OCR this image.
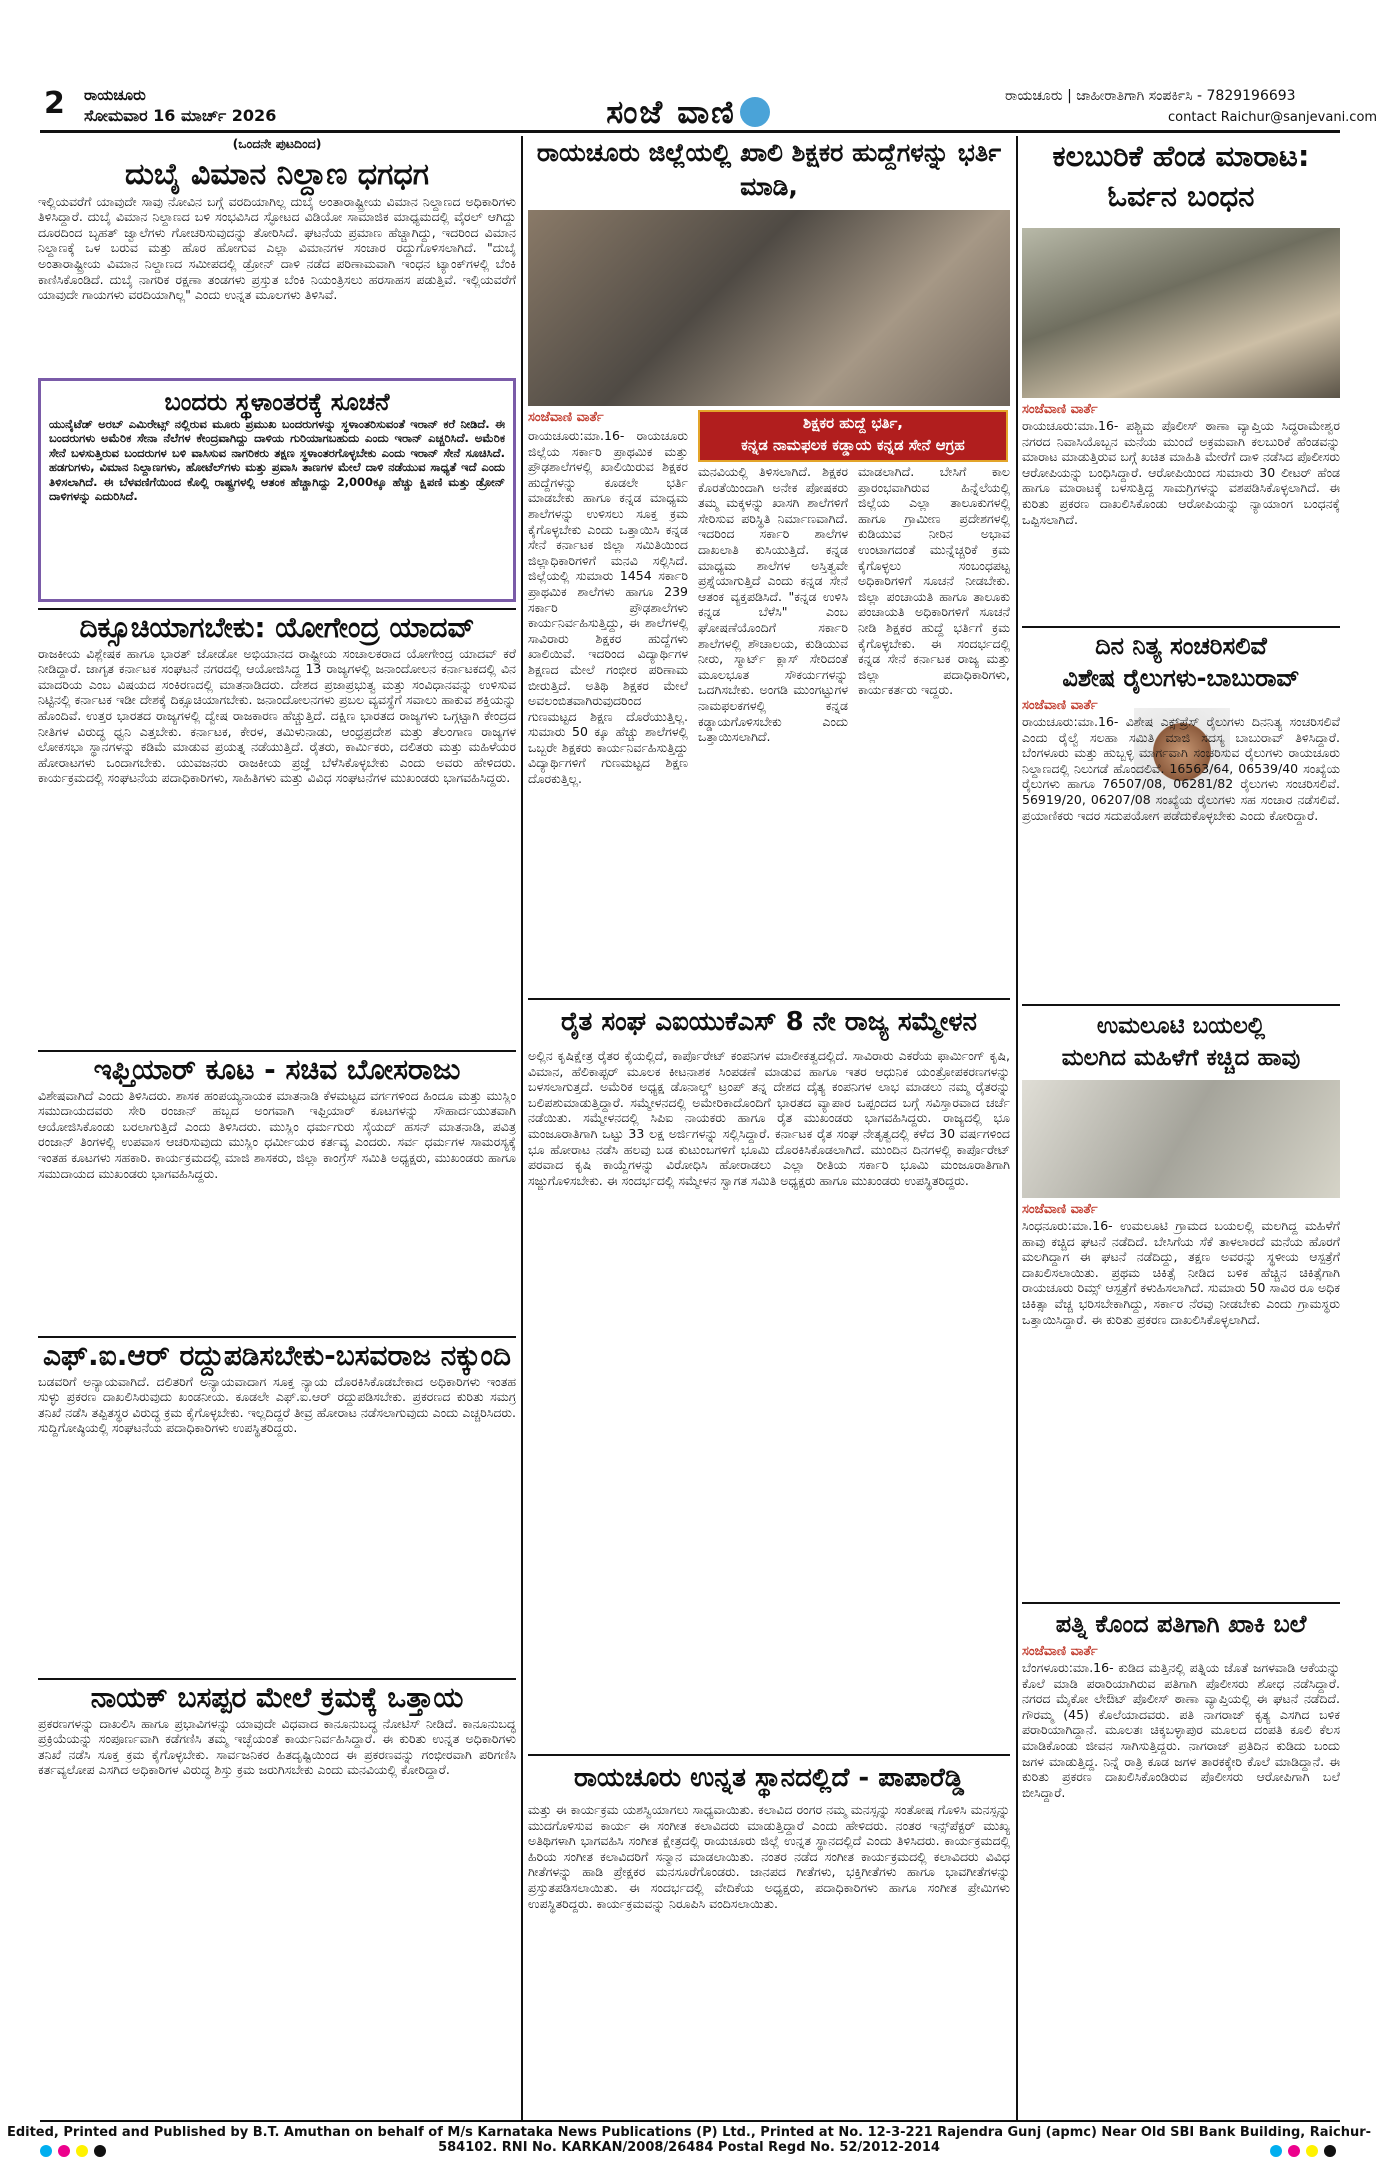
2 ರಾಯಚೂರು
ಸೋಮವಾರ 16 ಮಾರ್ಚ್ 2026	ಸಂಜೆ ವಾಣಿ	ರಾಯಚೂರು | ಜಾಹೀರಾತಿಗಾಗಿ ಸಂಪರ್ಕಿಸಿ - 7829196693
contact Raichur@sanjevani.com
(ಒಂದನೇ ಪುಟದಿಂದ)
ದುಬೈ ವಿಮಾನ ನಿಲ್ದಾಣ ಧಗಧಗ
ಇಲ್ಲಿಯವರೆಗೆ ಯಾವುದೇ ಸಾವು ನೋವಿನ ಬಗ್ಗೆ ವರದಿಯಾಗಿಲ್ಲ ದುಬೈ ಅಂತಾರಾಷ್ಟ್ರೀಯ ವಿಮಾನ ನಿಲ್ದಾಣದ ಅಧಿಕಾರಿಗಳು ತಿಳಿಸಿದ್ದಾರೆ. ದುಬೈ ವಿಮಾನ ನಿಲ್ದಾಣದ ಬಳಿ ಸಂಭವಿಸಿದ ಸ್ಫೋಟದ ವಿಡಿಯೋ ಸಾಮಾಜಿಕ ಮಾಧ್ಯಮದಲ್ಲಿ ವೈರಲ್ ಆಗಿದ್ದು ದೂರದಿಂದ ಬೃಹತ್ ಜ್ವಾಲೆಗಳು ಗೋಚರಿಸುವುದನ್ನು ತೋರಿಸಿದೆ. ಘಟನೆಯ ಪ್ರಮಾಣ ಹೆಚ್ಚಾಗಿದ್ದು, ಇದರಿಂದ ವಿಮಾನ ನಿಲ್ದಾಣಕ್ಕೆ ಒಳ ಬರುವ ಮತ್ತು ಹೊರ ಹೋಗುವ ಎಲ್ಲಾ ವಿಮಾನಗಳ ಸಂಚಾರ ರದ್ದುಗೊಳಿಸಲಾಗಿದೆ. "ದುಬೈ ಅಂತಾರಾಷ್ಟ್ರೀಯ ವಿಮಾನ ನಿಲ್ದಾಣದ ಸಮೀಪದಲ್ಲಿ ಡ್ರೋನ್ ದಾಳಿ ನಡೆದ ಪರಿಣಾಮವಾಗಿ ಇಂಧನ ಟ್ಯಾಂಕ್‌ಗಳಲ್ಲಿ ಬೆಂಕಿ ಕಾಣಿಸಿಕೊಂಡಿದೆ. ದುಬೈ ನಾಗರಿಕ ರಕ್ಷಣಾ ತಂಡಗಳು ಪ್ರಸ್ತುತ ಬೆಂಕಿ ನಿಯಂತ್ರಿಸಲು ಹರಸಾಹಸ ಪಡುತ್ತಿವೆ. ಇಲ್ಲಿಯವರೆಗೆ ಯಾವುದೇ ಗಾಯಗಳು ವರದಿಯಾಗಿಲ್ಲ" ಎಂದು ಉನ್ನತ ಮೂಲಗಳು ತಿಳಿಸಿವೆ.
ಬಂದರು ಸ್ಥಳಾಂತರಕ್ಕೆ ಸೂಚನೆ
ಯುನೈಟೆಡ್ ಅರಬ್ ಎಮಿರೇಟ್ಸ್ ನಲ್ಲಿರುವ ಮೂರು ಪ್ರಮುಖ ಬಂದರುಗಳನ್ನು ಸ್ಥಳಾಂತರಿಸುವಂತೆ ಇರಾನ್ ಕರೆ ನೀಡಿದೆ. ಈ ಬಂದರುಗಳು ಅಮೆರಿಕ ಸೇನಾ ನೆಲೆಗಳ ಕೇಂದ್ರವಾಗಿದ್ದು ದಾಳಿಯ ಗುರಿಯಾಗಬಹುದು ಎಂದು ಇರಾನ್ ಎಚ್ಚರಿಸಿದೆ. ಅಮೆರಿಕ ಸೇನೆ ಬಳಸುತ್ತಿರುವ ಬಂದರುಗಳ ಬಳಿ ವಾಸಿಸುವ ನಾಗರಿಕರು ತಕ್ಷಣ ಸ್ಥಳಾಂತರಗೊಳ್ಳಬೇಕು ಎಂದು ಇರಾನ್ ಸೇನೆ ಸೂಚಿಸಿದೆ. ಹಡಗುಗಳು, ವಿಮಾನ ನಿಲ್ದಾಣಗಳು, ಹೋಟೆಲ್‌ಗಳು ಮತ್ತು ಪ್ರವಾಸಿ ತಾಣಗಳ ಮೇಲೆ ದಾಳಿ ನಡೆಯುವ ಸಾಧ್ಯತೆ ಇದೆ ಎಂದು ತಿಳಿಸಲಾಗಿದೆ. ಈ ಬೆಳವಣಿಗೆಯಿಂದ ಕೊಲ್ಲಿ ರಾಷ್ಟ್ರಗಳಲ್ಲಿ ಆತಂಕ ಹೆಚ್ಚಾಗಿದ್ದು 2,000ಕ್ಕೂ ಹೆಚ್ಚು ಕ್ಷಿಪಣಿ ಮತ್ತು ಡ್ರೋನ್ ದಾಳಿಗಳನ್ನು ಎದುರಿಸಿದೆ.
ದಿಕ್ಸೂಚಿಯಾಗಬೇಕು: ಯೋಗೇಂದ್ರ ಯಾದವ್
ರಾಜಕೀಯ ವಿಶ್ಲೇಷಕ ಹಾಗೂ ಭಾರತ್ ಜೋಡೋ ಅಭಿಯಾನದ ರಾಷ್ಟ್ರೀಯ ಸಂಚಾಲಕರಾದ ಯೋಗೇಂದ್ರ ಯಾದವ್ ಕರೆ ನೀಡಿದ್ದಾರೆ. ಜಾಗೃತ ಕರ್ನಾಟಕ ಸಂಘಟನೆ ನಗರದಲ್ಲಿ ಆಯೋಜಿಸಿದ್ದ 13 ರಾಜ್ಯಗಳಲ್ಲಿ ಜನಾಂದೋಲನ ಕರ್ನಾಟಕದಲ್ಲಿ ವಿನ ಮಾದರಿಯ ಎಂಬ ವಿಷಯದ ಸಂಕಿರಣದಲ್ಲಿ ಮಾತನಾಡಿದರು. ದೇಶದ ಪ್ರಜಾಪ್ರಭುತ್ವ ಮತ್ತು ಸಂವಿಧಾನವನ್ನು ಉಳಿಸುವ ನಿಟ್ಟಿನಲ್ಲಿ ಕರ್ನಾಟಕ ಇಡೀ ದೇಶಕ್ಕೆ ದಿಕ್ಸೂಚಿಯಾಗಬೇಕು. ಜನಾಂದೋಲನಗಳು ಪ್ರಬಲ ವ್ಯವಸ್ಥೆಗೆ ಸವಾಲು ಹಾಕುವ ಶಕ್ತಿಯನ್ನು ಹೊಂದಿವೆ. ಉತ್ತರ ಭಾರತದ ರಾಜ್ಯಗಳಲ್ಲಿ ದ್ವೇಷ ರಾಜಕಾರಣ ಹೆಚ್ಚುತ್ತಿದೆ. ದಕ್ಷಿಣ ಭಾರತದ ರಾಜ್ಯಗಳು ಒಗ್ಗಟ್ಟಾಗಿ ಕೇಂದ್ರದ ನೀತಿಗಳ ವಿರುದ್ಧ ಧ್ವನಿ ಎತ್ತಬೇಕು. ಕರ್ನಾಟಕ, ಕೇರಳ, ತಮಿಳುನಾಡು, ಆಂಧ್ರಪ್ರದೇಶ ಮತ್ತು ತೆಲಂಗಾಣ ರಾಜ್ಯಗಳ ಲೋಕಸಭಾ ಸ್ಥಾನಗಳನ್ನು ಕಡಿಮೆ ಮಾಡುವ ಪ್ರಯತ್ನ ನಡೆಯುತ್ತಿದೆ. ರೈತರು, ಕಾರ್ಮಿಕರು, ದಲಿತರು ಮತ್ತು ಮಹಿಳೆಯರ ಹೋರಾಟಗಳು ಒಂದಾಗಬೇಕು. ಯುವಜನರು ರಾಜಕೀಯ ಪ್ರಜ್ಞೆ ಬೆಳೆಸಿಕೊಳ್ಳಬೇಕು ಎಂದು ಅವರು ಹೇಳಿದರು. ಕಾರ್ಯಕ್ರಮದಲ್ಲಿ ಸಂಘಟನೆಯ ಪದಾಧಿಕಾರಿಗಳು, ಸಾಹಿತಿಗಳು ಮತ್ತು ವಿವಿಧ ಸಂಘಟನೆಗಳ ಮುಖಂಡರು ಭಾಗವಹಿಸಿದ್ದರು.
ಇಫ್ತಿಯಾರ್ ಕೂಟ - ಸಚಿವ ಬೋಸರಾಜು
ವಿಶೇಷವಾಗಿದೆ ಎಂದು ತಿಳಿಸಿದರು. ಶಾಸಕ ಹಂಪಯ್ಯನಾಯಕ ಮಾತನಾಡಿ ಕೆಳಮಟ್ಟದ ವರ್ಗಗಳಿಂದ ಹಿಂದೂ ಮತ್ತು ಮುಸ್ಲಿಂ ಸಮುದಾಯದವರು ಸೇರಿ ರಂಜಾನ್ ಹಬ್ಬದ ಅಂಗವಾಗಿ ಇಫ್ತಿಯಾರ್ ಕೂಟಗಳನ್ನು ಸೌಹಾರ್ದಯುತವಾಗಿ ಆಯೋಜಿಸಿಕೊಂಡು ಬರಲಾಗುತ್ತಿದೆ ಎಂದು ತಿಳಿಸಿದರು. ಮುಸ್ಲಿಂ ಧರ್ಮಗುರು ಸೈಯದ್ ಹಸನ್ ಮಾತನಾಡಿ, ಪವಿತ್ರ ರಂಜಾನ್ ತಿಂಗಳಲ್ಲಿ ಉಪವಾಸ ಆಚರಿಸುವುದು ಮುಸ್ಲಿಂ ಧರ್ಮೀಯರ ಕರ್ತವ್ಯ ಎಂದರು. ಸರ್ವ ಧರ್ಮಗಳ ಸಾಮರಸ್ಯಕ್ಕೆ ಇಂತಹ ಕೂಟಗಳು ಸಹಕಾರಿ. ಕಾರ್ಯಕ್ರಮದಲ್ಲಿ ಮಾಜಿ ಶಾಸಕರು, ಜಿಲ್ಲಾ ಕಾಂಗ್ರೆಸ್ ಸಮಿತಿ ಅಧ್ಯಕ್ಷರು, ಮುಖಂಡರು ಹಾಗೂ ಸಮುದಾಯದ ಮುಖಂಡರು ಭಾಗವಹಿಸಿದ್ದರು.
ಎಫ್.ಐ.ಆರ್ ರದ್ದುಪಡಿಸಬೇಕು-ಬಸವರಾಜ ನಕ್ಕುಂದಿ
ಬಡವರಿಗೆ ಅನ್ಯಾಯವಾಗಿದೆ. ದಲಿತರಿಗೆ ಅನ್ಯಾಯವಾದಾಗ ಸೂಕ್ತ ನ್ಯಾಯ ದೊರಕಿಸಿಕೊಡಬೇಕಾದ ಅಧಿಕಾರಿಗಳು ಇಂತಹ ಸುಳ್ಳು ಪ್ರಕರಣ ದಾಖಲಿಸಿರುವುದು ಖಂಡನೀಯ. ಕೂಡಲೇ ಎಫ್.ಐ.ಆರ್ ರದ್ದುಪಡಿಸಬೇಕು. ಪ್ರಕರಣದ ಕುರಿತು ಸಮಗ್ರ ತನಿಖೆ ನಡೆಸಿ ತಪ್ಪಿತಸ್ಥರ ವಿರುದ್ಧ ಕ್ರಮ ಕೈಗೊಳ್ಳಬೇಕು. ಇಲ್ಲದಿದ್ದರೆ ತೀವ್ರ ಹೋರಾಟ ನಡೆಸಲಾಗುವುದು ಎಂದು ಎಚ್ಚರಿಸಿದರು. ಸುದ್ದಿಗೋಷ್ಠಿಯಲ್ಲಿ ಸಂಘಟನೆಯ ಪದಾಧಿಕಾರಿಗಳು ಉಪಸ್ಥಿತರಿದ್ದರು.
ನಾಯಕ್ ಬಸಪ್ಪರ ಮೇಲೆ ಕ್ರಮಕ್ಕೆ ಒತ್ತಾಯ
ಪ್ರಕರಣಗಳನ್ನು ದಾಖಲಿಸಿ ಹಾಗೂ ಪ್ರಭಾವಿಗಳನ್ನು ಯಾವುದೇ ವಿಧವಾದ ಕಾನೂನುಬದ್ಧ ನೋಟಿಸ್ ನೀಡಿದೆ. ಕಾನೂನುಬದ್ಧ ಪ್ರಕ್ರಿಯೆಯನ್ನು ಸಂಪೂರ್ಣವಾಗಿ ಕಡೆಗಣಿಸಿ ತಮ್ಮ ಇಚ್ಛೆಯಂತೆ ಕಾರ್ಯನಿರ್ವಹಿಸಿದ್ದಾರೆ. ಈ ಕುರಿತು ಉನ್ನತ ಅಧಿಕಾರಿಗಳು ತನಿಖೆ ನಡೆಸಿ ಸೂಕ್ತ ಕ್ರಮ ಕೈಗೊಳ್ಳಬೇಕು. ಸಾರ್ವಜನಿಕರ ಹಿತದೃಷ್ಟಿಯಿಂದ ಈ ಪ್ರಕರಣವನ್ನು ಗಂಭೀರವಾಗಿ ಪರಿಗಣಿಸಿ ಕರ್ತವ್ಯಲೋಪ ಎಸಗಿದ ಅಧಿಕಾರಿಗಳ ವಿರುದ್ಧ ಶಿಸ್ತು ಕ್ರಮ ಜರುಗಿಸಬೇಕು ಎಂದು ಮನವಿಯಲ್ಲಿ ಕೋರಿದ್ದಾರೆ.
ರಾಯಚೂರು ಜಿಲ್ಲೆಯಲ್ಲಿ ಖಾಲಿ ಶಿಕ್ಷಕರ ಹುದ್ದೆಗಳನ್ನು ಭರ್ತಿ ಮಾಡಿ,
ಸಂಜೆವಾಣಿ ವಾರ್ತೆ	ಶಿಕ್ಷಕರ ಹುದ್ದೆ ಭರ್ತಿ,
ಕನ್ನಡ ನಾಮಫಲಕ ಕಡ್ಡಾಯ ಕನ್ನಡ ಸೇನೆ ಆಗ್ರಹ
ರಾಯಚೂರು:ಮಾ.16- ರಾಯಚೂರು ಜಿಲ್ಲೆಯ ಸರ್ಕಾರಿ ಪ್ರಾಥಮಿಕ ಮತ್ತು ಪ್ರೌಢಶಾಲೆಗಳಲ್ಲಿ ಖಾಲಿಯಿರುವ ಶಿಕ್ಷಕರ ಹುದ್ದೆಗಳನ್ನು ಕೂಡಲೇ ಭರ್ತಿ ಮಾಡಬೇಕು ಹಾಗೂ ಕನ್ನಡ ಮಾಧ್ಯಮ ಶಾಲೆಗಳನ್ನು ಉಳಿಸಲು ಸೂಕ್ತ ಕ್ರಮ ಕೈಗೊಳ್ಳಬೇಕು ಎಂದು ಒತ್ತಾಯಿಸಿ ಕನ್ನಡ ಸೇನೆ ಕರ್ನಾಟಕ ಜಿಲ್ಲಾ ಸಮಿತಿಯಿಂದ ಜಿಲ್ಲಾಧಿಕಾರಿಗಳಿಗೆ ಮನವಿ ಸಲ್ಲಿಸಿದೆ. ಜಿಲ್ಲೆಯಲ್ಲಿ ಸುಮಾರು 1454 ಸರ್ಕಾರಿ ಪ್ರಾಥಮಿಕ ಶಾಲೆಗಳು ಹಾಗೂ 239 ಸರ್ಕಾರಿ ಪ್ರೌಢಶಾಲೆಗಳು ಕಾರ್ಯನಿರ್ವಹಿಸುತ್ತಿದ್ದು, ಈ ಶಾಲೆಗಳಲ್ಲಿ ಸಾವಿರಾರು ಶಿಕ್ಷಕರ ಹುದ್ದೆಗಳು ಖಾಲಿಯಿವೆ. ಇದರಿಂದ ವಿದ್ಯಾರ್ಥಿಗಳ ಶಿಕ್ಷಣದ ಮೇಲೆ ಗಂಭೀರ ಪರಿಣಾಮ ಬೀರುತ್ತಿದೆ. ಅತಿಥಿ ಶಿಕ್ಷಕರ ಮೇಲೆ ಅವಲಂಬಿತವಾಗಿರುವುದರಿಂದ ಗುಣಮಟ್ಟದ ಶಿಕ್ಷಣ ದೊರೆಯುತ್ತಿಲ್ಲ. ಸುಮಾರು 50 ಕ್ಕೂ ಹೆಚ್ಚು ಶಾಲೆಗಳಲ್ಲಿ ಒಬ್ಬರೇ ಶಿಕ್ಷಕರು ಕಾರ್ಯನಿರ್ವಹಿಸುತ್ತಿದ್ದು ವಿದ್ಯಾರ್ಥಿಗಳಿಗೆ ಗುಣಮಟ್ಟದ ಶಿಕ್ಷಣ ದೊರಕುತ್ತಿಲ್ಲ.
ಮನವಿಯಲ್ಲಿ ತಿಳಿಸಲಾಗಿದೆ. ಶಿಕ್ಷಕರ ಕೊರತೆಯಿಂದಾಗಿ ಅನೇಕ ಪೋಷಕರು ತಮ್ಮ ಮಕ್ಕಳನ್ನು ಖಾಸಗಿ ಶಾಲೆಗಳಿಗೆ ಸೇರಿಸುವ ಪರಿಸ್ಥಿತಿ ನಿರ್ಮಾಣವಾಗಿದೆ. ಇದರಿಂದ ಸರ್ಕಾರಿ ಶಾಲೆಗಳ ದಾಖಲಾತಿ ಕುಸಿಯುತ್ತಿದೆ. ಕನ್ನಡ ಮಾಧ್ಯಮ ಶಾಲೆಗಳ ಅಸ್ತಿತ್ವವೇ ಪ್ರಶ್ನೆಯಾಗುತ್ತಿದೆ ಎಂದು ಕನ್ನಡ ಸೇನೆ ಆತಂಕ ವ್ಯಕ್ತಪಡಿಸಿದೆ. "ಕನ್ನಡ ಉಳಿಸಿ ಕನ್ನಡ ಬೆಳೆಸಿ" ಎಂಬ ಘೋಷಣೆಯೊಂದಿಗೆ ಸರ್ಕಾರಿ ಶಾಲೆಗಳಲ್ಲಿ ಶೌಚಾಲಯ, ಕುಡಿಯುವ ನೀರು, ಸ್ಮಾರ್ಟ್ ಕ್ಲಾಸ್ ಸೇರಿದಂತೆ ಮೂಲಭೂತ ಸೌಕರ್ಯಗಳನ್ನು ಒದಗಿಸಬೇಕು. ಅಂಗಡಿ ಮುಂಗಟ್ಟುಗಳ ನಾಮಫಲಕಗಳಲ್ಲಿ ಕನ್ನಡ ಕಡ್ಡಾಯಗೊಳಿಸಬೇಕು ಎಂದು ಒತ್ತಾಯಿಸಲಾಗಿದೆ.
ಮಾಡಲಾಗಿದೆ. ಬೇಸಿಗೆ ಕಾಲ ಪ್ರಾರಂಭವಾಗಿರುವ ಹಿನ್ನೆಲೆಯಲ್ಲಿ ಜಿಲ್ಲೆಯ ಎಲ್ಲಾ ತಾಲೂಕುಗಳಲ್ಲಿ ಹಾಗೂ ಗ್ರಾಮೀಣ ಪ್ರದೇಶಗಳಲ್ಲಿ ಕುಡಿಯುವ ನೀರಿನ ಅಭಾವ ಉಂಟಾಗದಂತೆ ಮುನ್ನೆಚ್ಚರಿಕೆ ಕ್ರಮ ಕೈಗೊಳ್ಳಲು ಸಂಬಂಧಪಟ್ಟ ಅಧಿಕಾರಿಗಳಿಗೆ ಸೂಚನೆ ನೀಡಬೇಕು. ಜಿಲ್ಲಾ ಪಂಚಾಯತಿ ಹಾಗೂ ತಾಲೂಕು ಪಂಚಾಯತಿ ಅಧಿಕಾರಿಗಳಿಗೆ ಸೂಚನೆ ನೀಡಿ ಶಿಕ್ಷಕರ ಹುದ್ದೆ ಭರ್ತಿಗೆ ಕ್ರಮ ಕೈಗೊಳ್ಳಬೇಕು. ಈ ಸಂದರ್ಭದಲ್ಲಿ ಕನ್ನಡ ಸೇನೆ ಕರ್ನಾಟಕ ರಾಜ್ಯ ಮತ್ತು ಜಿಲ್ಲಾ ಪದಾಧಿಕಾರಿಗಳು, ಕಾರ್ಯಕರ್ತರು ಇದ್ದರು.
ರೈತ ಸಂಘ ಎಐಯುಕೆಎಸ್ 8 ನೇ ರಾಜ್ಯ ಸಮ್ಮೇಳನ
ಅಲ್ಲಿನ ಕೃಷಿಕ್ಷೇತ್ರ ರೈತರ ಕೈಯಲ್ಲಿದೆ, ಕಾರ್ಪೊರೇಟ್ ಕಂಪನಿಗಳ ಮಾಲೀಕತ್ವದಲ್ಲಿದೆ. ಸಾವಿರಾರು ಎಕರೆಯ ಫಾರ್ಮಿಂಗ್ ಕೃಷಿ, ವಿಮಾನ, ಹೆಲಿಕಾಪ್ಟರ್ ಮೂಲಕ ಕೀಟನಾಶಕ ಸಿಂಪಡಣೆ ಮಾಡುವ ಹಾಗೂ ಇತರ ಆಧುನಿಕ ಯಂತ್ರೋಪಕರಣಗಳನ್ನು ಬಳಸಲಾಗುತ್ತದೆ. ಅಮೆರಿಕ ಅಧ್ಯಕ್ಷ ಡೊನಾಲ್ಡ್ ಟ್ರಂಪ್ ತನ್ನ ದೇಶದ ದೈತ್ಯ ಕಂಪನಿಗಳ ಲಾಭ ಮಾಡಲು ನಮ್ಮ ರೈತರನ್ನು ಬಲಿಪಶುಮಾಡುತ್ತಿದ್ದಾರೆ. ಸಮ್ಮೇಳನದಲ್ಲಿ ಅಮೇರಿಕಾದೊಂದಿಗೆ ಭಾರತದ ವ್ಯಾಪಾರ ಒಪ್ಪಂದದ ಬಗ್ಗೆ ಸವಿಸ್ತಾರವಾದ ಚರ್ಚೆ ನಡೆಯಿತು. ಸಮ್ಮೇಳನದಲ್ಲಿ ಸಿಪಿಐ ನಾಯಕರು ಹಾಗೂ ರೈತ ಮುಖಂಡರು ಭಾಗವಹಿಸಿದ್ದರು. ರಾಜ್ಯದಲ್ಲಿ ಭೂ ಮಂಜೂರಾತಿಗಾಗಿ ಒಟ್ಟು 33 ಲಕ್ಷ ಅರ್ಜಿಗಳನ್ನು ಸಲ್ಲಿಸಿದ್ದಾರೆ. ಕರ್ನಾಟಕ ರೈತ ಸಂಘ ನೇತೃತ್ವದಲ್ಲಿ ಕಳೆದ 30 ವರ್ಷಗಳಿಂದ ಭೂ ಹೋರಾಟ ನಡೆಸಿ ಹಲವು ಬಡ ಕುಟುಂಬಗಳಿಗೆ ಭೂಮಿ ದೊರಕಿಸಿಕೊಡಲಾಗಿದೆ. ಮುಂದಿನ ದಿನಗಳಲ್ಲಿ ಕಾರ್ಪೊರೇಟ್ ಪರವಾದ ಕೃಷಿ ಕಾಯ್ದೆಗಳನ್ನು ವಿರೋಧಿಸಿ ಹೋರಾಡಲು ಎಲ್ಲಾ ರೀತಿಯ ಸರ್ಕಾರಿ ಭೂಮಿ ಮಂಜೂರಾತಿಗಾಗಿ ಸಜ್ಜುಗೊಳಿಸಬೇಕು. ಈ ಸಂದರ್ಭದಲ್ಲಿ ಸಮ್ಮೇಳನ ಸ್ವಾಗತ ಸಮಿತಿ ಅಧ್ಯಕ್ಷರು ಹಾಗೂ ಮುಖಂಡರು ಉಪಸ್ಥಿತರಿದ್ದರು.
ರಾಯಚೂರು ಉನ್ನತ ಸ್ಥಾನದಲ್ಲಿದೆ - ಪಾಪಾರೆಡ್ಡಿ
ಮತ್ತು ಈ ಕಾರ್ಯಕ್ರಮ ಯಶಸ್ವಿಯಾಗಲು ಸಾಧ್ಯವಾಯಿತು. ಕಲಾವಿದ ರಂಗರ ನಮ್ಮ ಮನಸ್ಸನ್ನು ಸಂತೋಷ ಗೊಳಿಸಿ ಮನಸ್ಸನ್ನು ಮುದಗೊಳಿಸುವ ಕಾರ್ಯ ಈ ಸಂಗೀತ ಕಲಾವಿದರು ಮಾಡುತ್ತಿದ್ದಾರೆ ಎಂದು ಹೇಳಿದರು. ನಂತರ ಇನ್ಸ್‌ಪೆಕ್ಟರ್ ಮುಖ್ಯ ಅತಿಥಿಗಳಾಗಿ ಭಾಗವಹಿಸಿ ಸಂಗೀತ ಕ್ಷೇತ್ರದಲ್ಲಿ ರಾಯಚೂರು ಜಿಲ್ಲೆ ಉನ್ನತ ಸ್ಥಾನದಲ್ಲಿದೆ ಎಂದು ತಿಳಿಸಿದರು. ಕಾರ್ಯಕ್ರಮದಲ್ಲಿ ಹಿರಿಯ ಸಂಗೀತ ಕಲಾವಿದರಿಗೆ ಸನ್ಮಾನ ಮಾಡಲಾಯಿತು. ನಂತರ ನಡೆದ ಸಂಗೀತ ಕಾರ್ಯಕ್ರಮದಲ್ಲಿ ಕಲಾವಿದರು ವಿವಿಧ ಗೀತೆಗಳನ್ನು ಹಾಡಿ ಪ್ರೇಕ್ಷಕರ ಮನಸೂರೆಗೊಂಡರು. ಜಾನಪದ ಗೀತೆಗಳು, ಭಕ್ತಿಗೀತೆಗಳು ಹಾಗೂ ಭಾವಗೀತೆಗಳನ್ನು ಪ್ರಸ್ತುತಪಡಿಸಲಾಯಿತು. ಈ ಸಂದರ್ಭದಲ್ಲಿ ವೇದಿಕೆಯ ಅಧ್ಯಕ್ಷರು, ಪದಾಧಿಕಾರಿಗಳು ಹಾಗೂ ಸಂಗೀತ ಪ್ರೇಮಿಗಳು ಉಪಸ್ಥಿತರಿದ್ದರು. ಕಾರ್ಯಕ್ರಮವನ್ನು ನಿರೂಪಿಸಿ ವಂದಿಸಲಾಯಿತು.
ಕಲಬುರಿಕೆ ಹೆಂಡ ಮಾರಾಟ: ಓರ್ವನ ಬಂಧನ
ಸಂಜೆವಾಣಿ ವಾರ್ತೆ
ರಾಯಚೂರು:ಮಾ.16- ಪಶ್ಚಿಮ ಪೊಲೀಸ್ ಠಾಣಾ ವ್ಯಾಪ್ತಿಯ ಸಿದ್ಧರಾಮೇಶ್ವರ ನಗರದ ನಿವಾಸಿಯೊಬ್ಬನ ಮನೆಯ ಮುಂದೆ ಅಕ್ರಮವಾಗಿ ಕಲಬುರಿಕೆ ಹೆಂಡವನ್ನು ಮಾರಾಟ ಮಾಡುತ್ತಿರುವ ಬಗ್ಗೆ ಖಚಿತ ಮಾಹಿತಿ ಮೇರೆಗೆ ದಾಳಿ ನಡೆಸಿದ ಪೊಲೀಸರು ಆರೋಪಿಯನ್ನು ಬಂಧಿಸಿದ್ದಾರೆ. ಆರೋಪಿಯಿಂದ ಸುಮಾರು 30 ಲೀಟರ್ ಹೆಂಡ ಹಾಗೂ ಮಾರಾಟಕ್ಕೆ ಬಳಸುತ್ತಿದ್ದ ಸಾಮಗ್ರಿಗಳನ್ನು ವಶಪಡಿಸಿಕೊಳ್ಳಲಾಗಿದೆ. ಈ ಕುರಿತು ಪ್ರಕರಣ ದಾಖಲಿಸಿಕೊಂಡು ಆರೋಪಿಯನ್ನು ನ್ಯಾಯಾಂಗ ಬಂಧನಕ್ಕೆ ಒಪ್ಪಿಸಲಾಗಿದೆ.
ದಿನ ನಿತ್ಯ ಸಂಚರಿಸಲಿವೆ
ವಿಶೇಷ ರೈಲುಗಳು-ಬಾಬುರಾವ್
ಸಂಜೆವಾಣಿ ವಾರ್ತೆ
ರಾಯಚೂರು:ಮಾ.16- ವಿಶೇಷ ಎಕ್ಸ್‌ಪ್ರೆಸ್ ರೈಲುಗಳು ದಿನನಿತ್ಯ ಸಂಚರಿಸಲಿವೆ ಎಂದು ರೈಲ್ವೆ ಸಲಹಾ ಸಮಿತಿ ಮಾಜಿ ಸದಸ್ಯ ಬಾಬುರಾವ್ ತಿಳಿಸಿದ್ದಾರೆ. ಬೆಂಗಳೂರು ಮತ್ತು ಹುಬ್ಬಳ್ಳಿ ಮಾರ್ಗವಾಗಿ ಸಂಚರಿಸುವ ರೈಲುಗಳು ರಾಯಚೂರು ನಿಲ್ದಾಣದಲ್ಲಿ ನಿಲುಗಡೆ ಹೊಂದಲಿವೆ. 16563/64, 06539/40 ಸಂಖ್ಯೆಯ ರೈಲುಗಳು ಹಾಗೂ 76507/08, 06281/82 ರೈಲುಗಳು ಸಂಚರಿಸಲಿವೆ. 56919/20, 06207/08 ಸಂಖ್ಯೆಯ ರೈಲುಗಳು ಸಹ ಸಂಚಾರ ನಡೆಸಲಿವೆ. ಪ್ರಯಾಣಿಕರು ಇದರ ಸದುಪಯೋಗ ಪಡೆದುಕೊಳ್ಳಬೇಕು ಎಂದು ಕೋರಿದ್ದಾರೆ.
ಉಮಲೂಟಿ ಬಯಲಲ್ಲಿ
ಮಲಗಿದ ಮಹಿಳೆಗೆ ಕಚ್ಚಿದ ಹಾವು
ಸಂಜೆವಾಣಿ ವಾರ್ತೆ
ಸಿಂಧನೂರು:ಮಾ.16- ಉಮಲೂಟಿ ಗ್ರಾಮದ ಬಯಲಲ್ಲಿ ಮಲಗಿದ್ದ ಮಹಿಳೆಗೆ ಹಾವು ಕಚ್ಚಿದ ಘಟನೆ ನಡೆದಿದೆ. ಬೇಸಿಗೆಯ ಸೆಕೆ ತಾಳಲಾರದೆ ಮನೆಯ ಹೊರಗೆ ಮಲಗಿದ್ದಾಗ ಈ ಘಟನೆ ನಡೆದಿದ್ದು, ತಕ್ಷಣ ಅವರನ್ನು ಸ್ಥಳೀಯ ಆಸ್ಪತ್ರೆಗೆ ದಾಖಲಿಸಲಾಯಿತು. ಪ್ರಥಮ ಚಿಕಿತ್ಸೆ ನೀಡಿದ ಬಳಿಕ ಹೆಚ್ಚಿನ ಚಿಕಿತ್ಸೆಗಾಗಿ ರಾಯಚೂರು ರಿಮ್ಸ್ ಆಸ್ಪತ್ರೆಗೆ ಕಳುಹಿಸಲಾಗಿದೆ. ಸುಮಾರು 50 ಸಾವಿರ ರೂ ಅಧಿಕ ಚಿಕಿತ್ಸಾ ವೆಚ್ಚ ಭರಿಸಬೇಕಾಗಿದ್ದು, ಸರ್ಕಾರ ನೆರವು ನೀಡಬೇಕು ಎಂದು ಗ್ರಾಮಸ್ಥರು ಒತ್ತಾಯಿಸಿದ್ದಾರೆ. ಈ ಕುರಿತು ಪ್ರಕರಣ ದಾಖಲಿಸಿಕೊಳ್ಳಲಾಗಿದೆ.
ಪತ್ನಿ ಕೊಂದ ಪತಿಗಾಗಿ ಖಾಕಿ ಬಲೆ
ಸಂಜೆವಾಣಿ ವಾರ್ತೆ
ಬೆಂಗಳೂರು:ಮಾ.16- ಕುಡಿದ ಮತ್ತಿನಲ್ಲಿ ಪತ್ನಿಯ ಜೊತೆ ಜಗಳವಾಡಿ ಆಕೆಯನ್ನು ಕೊಲೆ ಮಾಡಿ ಪರಾರಿಯಾಗಿರುವ ಪತಿಗಾಗಿ ಪೊಲೀಸರು ಶೋಧ ನಡೆಸಿದ್ದಾರೆ. ನಗರದ ಮೈಕೋ ಲೇಔಟ್ ಪೊಲೀಸ್ ಠಾಣಾ ವ್ಯಾಪ್ತಿಯಲ್ಲಿ ಈ ಘಟನೆ ನಡೆದಿದೆ. ಗೌರಮ್ಮ (45) ಕೊಲೆಯಾದವರು. ಪತಿ ನಾಗರಾಜ್ ಕೃತ್ಯ ಎಸಗಿದ ಬಳಿಕ ಪರಾರಿಯಾಗಿದ್ದಾನೆ. ಮೂಲತಃ ಚಿಕ್ಕಬಳ್ಳಾಪುರ ಮೂಲದ ದಂಪತಿ ಕೂಲಿ ಕೆಲಸ ಮಾಡಿಕೊಂಡು ಜೀವನ ಸಾಗಿಸುತ್ತಿದ್ದರು. ನಾಗರಾಜ್ ಪ್ರತಿದಿನ ಕುಡಿದು ಬಂದು ಜಗಳ ಮಾಡುತ್ತಿದ್ದ. ನಿನ್ನೆ ರಾತ್ರಿ ಕೂಡ ಜಗಳ ತಾರಕಕ್ಕೇರಿ ಕೊಲೆ ಮಾಡಿದ್ದಾನೆ. ಈ ಕುರಿತು ಪ್ರಕರಣ ದಾಖಲಿಸಿಕೊಂಡಿರುವ ಪೊಲೀಸರು ಆರೋಪಿಗಾಗಿ ಬಲೆ ಬೀಸಿದ್ದಾರೆ.
Edited, Printed and Published by B.T. Amuthan on behalf of M/s Karnataka News Publications (P) Ltd., Printed at No. 12-3-221 Rajendra Gunj (apmc) Near Old SBI Bank Building, Raichur-584102. RNI No. KARKAN/2008/26484 Postal Regd No. 52/2012-2014
